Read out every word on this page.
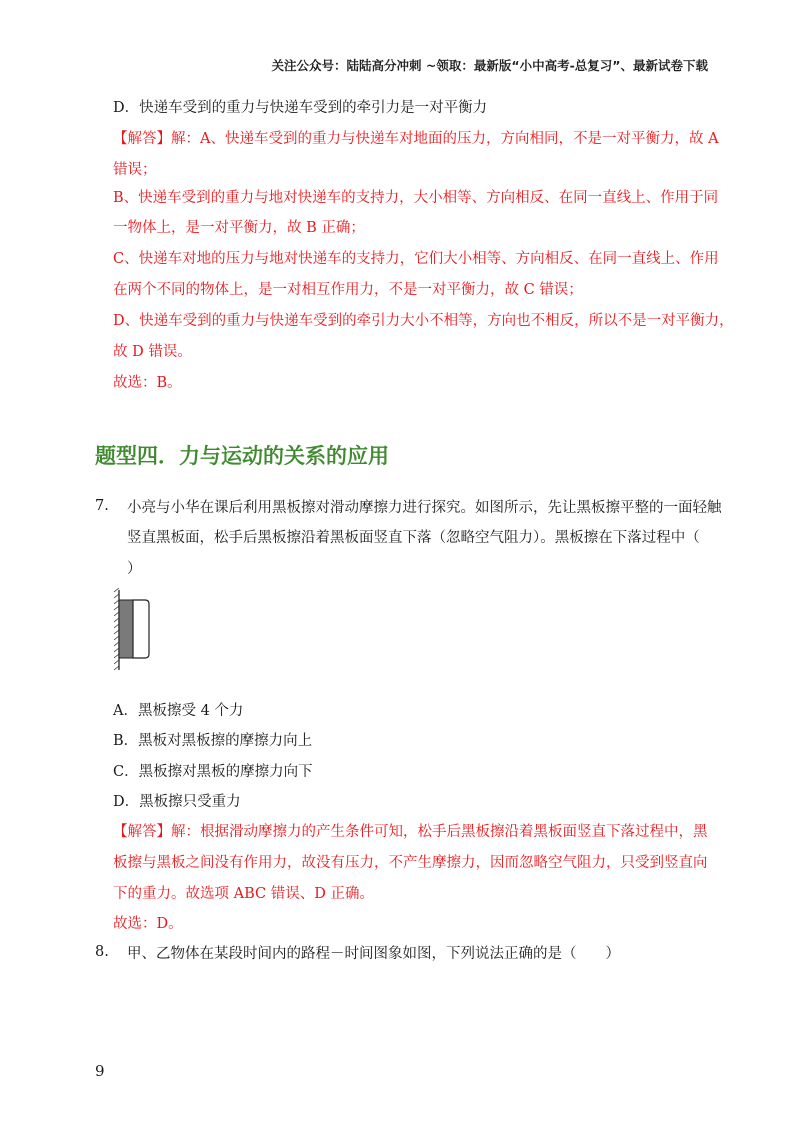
关注公众号：陆陆高分冲刺 ~领取：最新版“小中高考-总复习”、最新试卷下载
D．快递车受到的重力与快递车受到的牵引力是一对平衡力
【解答】解：A、快递车受到的重力与快递车对地面的压力，方向相同，不是一对平衡力，故 A
错误；
B、快递车受到的重力与地对快递车的支持力，大小相等、方向相反、在同一直线上、作用于同
一物体上，是一对平衡力，故 B 正确；
C、快递车对地的压力与地对快递车的支持力，它们大小相等、方向相反、在同一直线上、作用
在两个不同的物体上，是一对相互作用力，不是一对平衡力，故 C 错误；
D、快递车受到的重力与快递车受到的牵引力大小不相等，方向也不相反，所以不是一对平衡力，
故 D 错误。
故选：B。
题型四．力与运动的关系的应用
7. 小亮与小华在课后利用黑板擦对滑动摩擦力进行探究。如图所示，先让黑板擦平整的一面轻触
竖直黑板面，松手后黑板擦沿着黑板面竖直下落（忽略空气阻力）。黑板擦在下落过程中（
）
A．黑板擦受 4 个力
B．黑板对黑板擦的摩擦力向上
C．黑板擦对黑板的摩擦力向下
D．黑板擦只受重力
【解答】解：根据滑动摩擦力的产生条件可知，松手后黑板擦沿着黑板面竖直下落过程中，黑
板擦与黑板之间没有作用力，故没有压力，不产生摩擦力，因而忽略空气阻力，只受到竖直向
下的重力。故选项 ABC 错误、D 正确。
故选：D。
8. 甲、乙物体在某段时间内的路程－时间图象如图，下列说法正确的是（　　）
9
